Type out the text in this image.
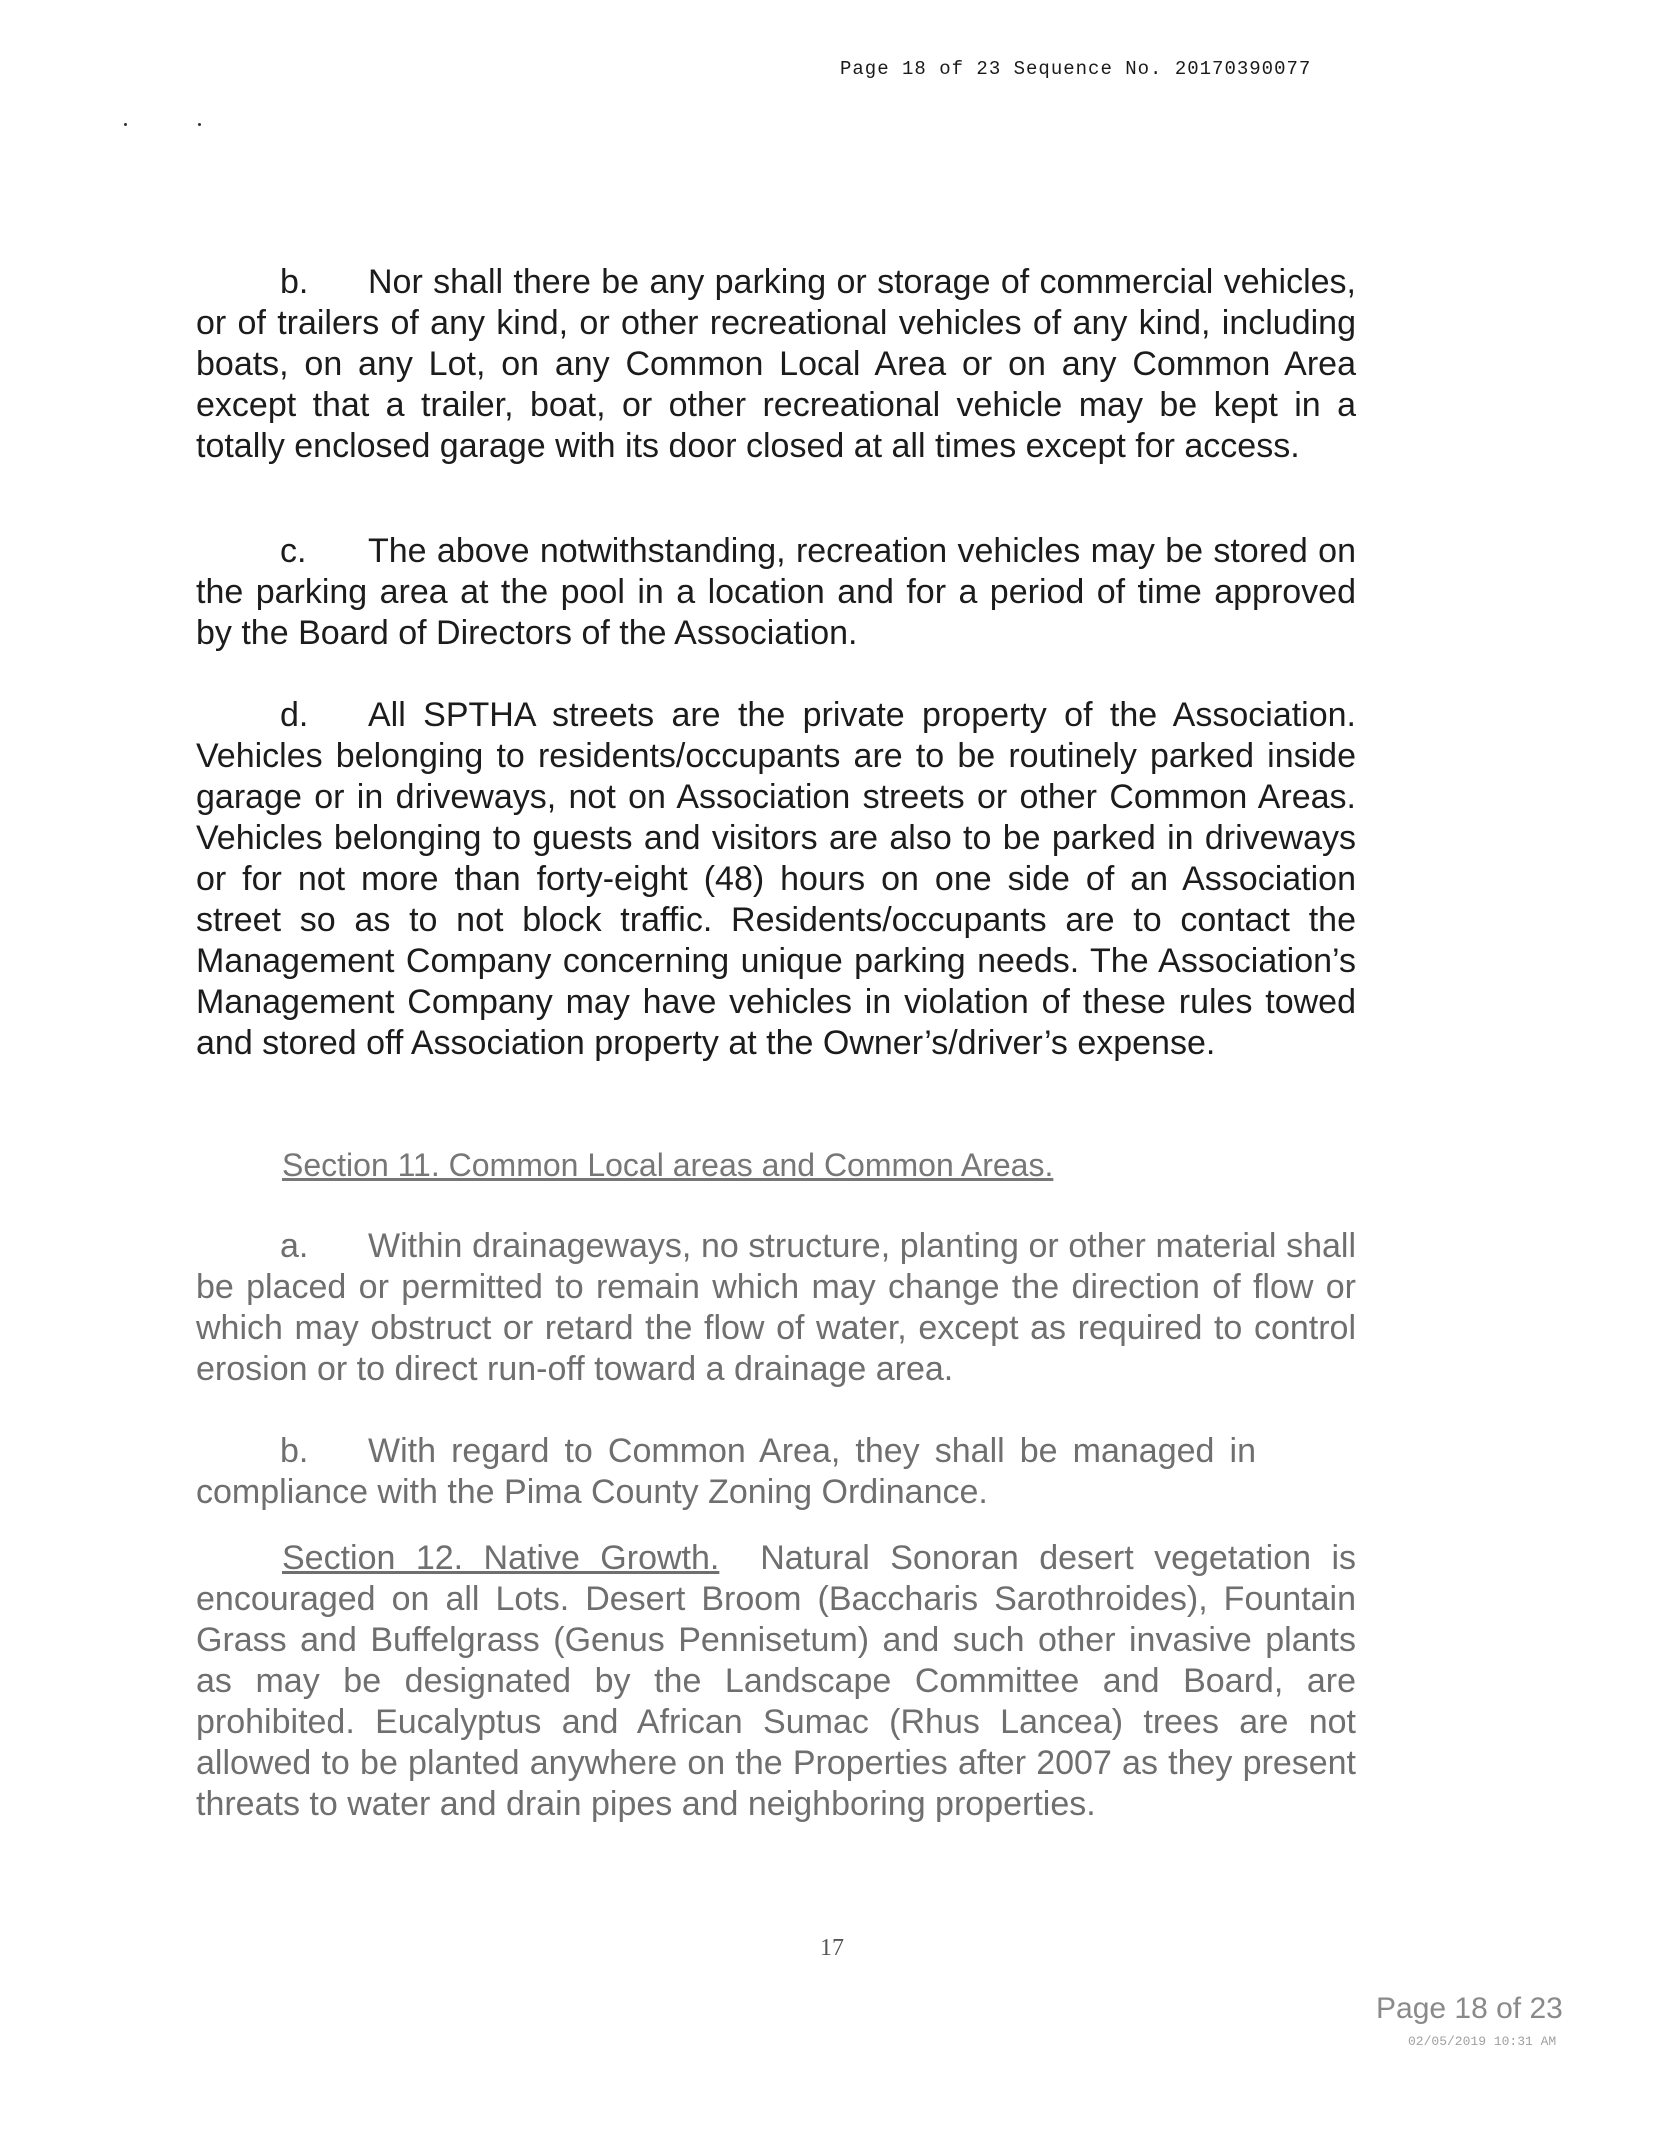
Page 18 of 23 Sequence No. 20170390077

b. Nor shall there be any parking or storage of commercial vehicles, or of trailers of any kind, or other recreational vehicles of any kind, including boats, on any Lot, on any Common Local Area or on any Common Area except that a trailer, boat, or other recreational vehicle may be kept in a totally enclosed garage with its door closed at all times except for access.

c. The above notwithstanding, recreation vehicles may be stored on the parking area at the pool in a location and for a period of time approved by the Board of Directors of the Association.

d. All SPTHA streets are the private property of the Association. Vehicles belonging to residents/occupants are to be routinely parked inside garage or in driveways, not on Association streets or other Common Areas. Vehicles belonging to guests and visitors are also to be parked in driveways or for not more than forty-eight (48) hours on one side of an Association street so as to not block traffic. Residents/occupants are to contact the Management Company concerning unique parking needs. The Association’s Management Company may have vehicles in violation of these rules towed and stored off Association property at the Owner’s/driver’s expense.

Section 11. Common Local areas and Common Areas.

a. Within drainageways, no structure, planting or other material shall be placed or permitted to remain which may change the direction of flow or which may obstruct or retard the flow of water, except as required to control erosion or to direct run-off toward a drainage area.

b. With regard to Common Area, they shall be managed in compliance with the Pima County Zoning Ordinance.

Section 12. Native Growth. Natural Sonoran desert vegetation is encouraged on all Lots. Desert Broom (Baccharis Sarothroides), Fountain Grass and Buffelgrass (Genus Pennisetum) and such other invasive plants as may be designated by the Landscape Committee and Board, are prohibited. Eucalyptus and African Sumac (Rhus Lancea) trees are not allowed to be planted anywhere on the Properties after 2007 as they present threats to water and drain pipes and neighboring properties.

17
Page 18 of 23
02/05/2019 10:31 AM
